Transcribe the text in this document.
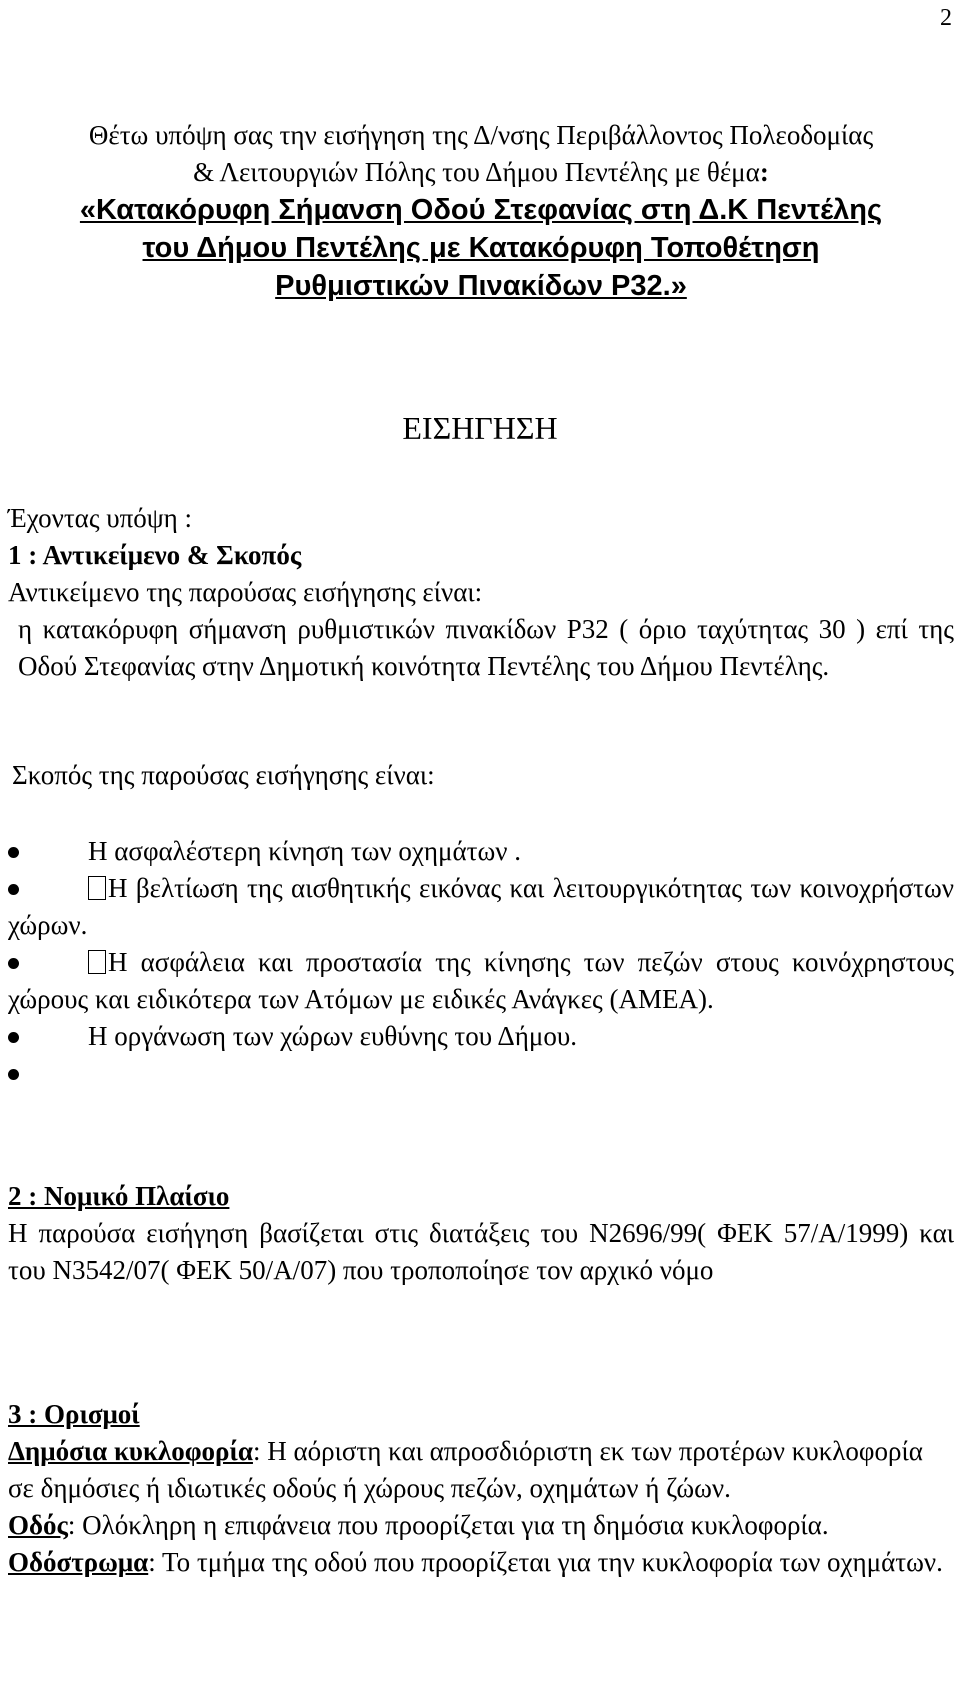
2
Θέτω υπόψη σας την εισήγηση της Δ/νσης Περιβάλλοντος Πολεοδομίας
& Λειτουργιών Πόλης του Δήμου Πεντέλης με θέμα:
«Κατακόρυφη Σήμανση Οδού Στεφανίας στη Δ.Κ Πεντέλης
του Δήμου Πεντέλης με Κατακόρυφη Τοποθέτηση
Ρυθμιστικών Πινακίδων Ρ32.»
ΕΙΣΗΓΗΣΗ
Έχοντας υπόψη :
1 : Αντικείμενο & Σκοπός
Αντικείμενο της παρούσας εισήγησης είναι:
η κατακόρυφη σήμανση ρυθμιστικών πινακίδων Ρ32 ( όριο ταχύτητας 30 ) επί της Οδού Στεφανίας στην Δημοτική κοινότητα Πεντέλης του Δήμου Πεντέλης.
Σκοπός της παρούσας εισήγησης είναι:
Η ασφαλέστερη κίνηση των οχημάτων .
Η βελτίωση της αισθητικής εικόνας και λειτουργικότητας των κοινοχρήστων χώρων.
Η ασφάλεια και προστασία της κίνησης των πεζών στους κοινόχρηστους χώρους και ειδικότερα των Ατόμων με ειδικές Ανάγκες (ΑΜΕΑ).
Η οργάνωση των χώρων ευθύνης του Δήμου.

2 : Νομικό Πλαίσιο
Η παρούσα εισήγηση βασίζεται στις διατάξεις του Ν2696/99( ΦΕΚ 57/Α/1999) και του Ν3542/07( ΦΕΚ 50/Α/07) που τροποποίησε τον αρχικό νόμο
3 : Ορισμοί
Δημόσια κυκλοφορία: Η αόριστη και απροσδιόριστη εκ των προτέρων κυκλοφορία σε δημόσιες ή ιδιωτικές οδούς ή χώρους πεζών, οχημάτων ή ζώων.
Οδός: Ολόκληρη η επιφάνεια που προορίζεται για τη δημόσια κυκλοφορία.
Οδόστρωμα: Το τμήμα της οδού που προορίζεται για την κυκλοφορία των οχημάτων.
